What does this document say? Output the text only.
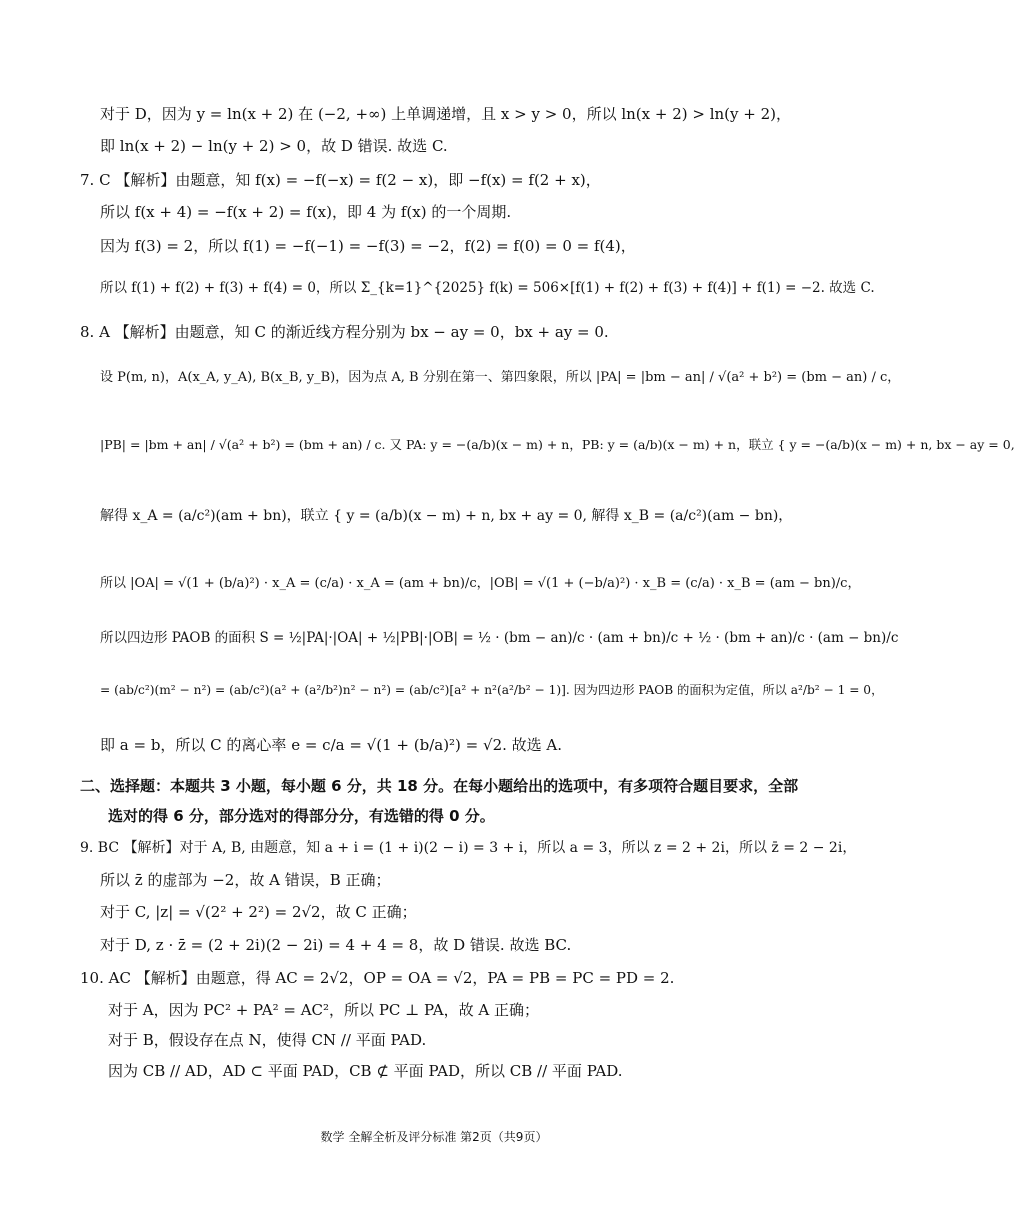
对于 D，因为 y = ln(x + 2) 在 (−2, +∞) 上单调递增，且 x > y > 0，所以 ln(x + 2) > ln(y + 2)，
即 ln(x + 2) − ln(y + 2) > 0，故 D 错误. 故选 C.
7. C 【解析】由题意，知 f(x) = −f(−x) = f(2 − x)，即 −f(x) = f(2 + x)，
所以 f(x + 4) = −f(x + 2) = f(x)，即 4 为 f(x) 的一个周期.
因为 f(3) = 2，所以 f(1) = −f(−1) = −f(3) = −2，f(2) = f(0) = 0 = f(4)，
所以 f(1) + f(2) + f(3) + f(4) = 0，所以 Σ_{k=1}^{2025} f(k) = 506×[f(1) + f(2) + f(3) + f(4)] + f(1) = −2. 故选 C.
8. A 【解析】由题意，知 C 的渐近线方程分别为 bx − ay = 0，bx + ay = 0.
设 P(m, n)，A(x_A, y_A), B(x_B, y_B)，因为点 A, B 分别在第一、第四象限，所以 |PA| = |bm − an| / √(a² + b²) = (bm − an) / c，
|PB| = |bm + an| / √(a² + b²) = (bm + an) / c. 又 PA: y = −(a/b)(x − m) + n，PB: y = (a/b)(x − m) + n，联立 { y = −(a/b)(x − m) + n, bx − ay = 0,
解得 x_A = (a/c²)(am + bn)，联立 { y = (a/b)(x − m) + n, bx + ay = 0, 解得 x_B = (a/c²)(am − bn)，
所以 |OA| = √(1 + (b/a)²) · x_A = (c/a) · x_A = (am + bn)/c，|OB| = √(1 + (−b/a)²) · x_B = (c/a) · x_B = (am − bn)/c，
所以四边形 PAOB 的面积 S = ½|PA|·|OA| + ½|PB|·|OB| = ½ · (bm − an)/c · (am + bn)/c + ½ · (bm + an)/c · (am − bn)/c
= (ab/c²)(m² − n²) = (ab/c²)(a² + (a²/b²)n² − n²) = (ab/c²)[a² + n²(a²/b² − 1)]. 因为四边形 PAOB 的面积为定值，所以 a²/b² − 1 = 0，
即 a = b，所以 C 的离心率 e = c/a = √(1 + (b/a)²) = √2. 故选 A.
二、选择题：本题共 3 小题，每小题 6 分，共 18 分。在每小题给出的选项中，有多项符合题目要求，全部
选对的得 6 分，部分选对的得部分分，有选错的得 0 分。
9. BC 【解析】对于 A, B, 由题意，知 a + i = (1 + i)(2 − i) = 3 + i，所以 a = 3，所以 z = 2 + 2i，所以 z̄ = 2 − 2i，
所以 z̄ 的虚部为 −2，故 A 错误，B 正确；
对于 C, |z| = √(2² + 2²) = 2√2，故 C 正确；
对于 D, z · z̄ = (2 + 2i)(2 − 2i) = 4 + 4 = 8，故 D 错误. 故选 BC.
10. AC 【解析】由题意，得 AC = 2√2，OP = OA = √2，PA = PB = PC = PD = 2.
对于 A，因为 PC² + PA² = AC²，所以 PC ⊥ PA，故 A 正确；
对于 B，假设存在点 N，使得 CN // 平面 PAD.
因为 CB // AD，AD ⊂ 平面 PAD，CB ⊄ 平面 PAD，所以 CB // 平面 PAD.
数学 全解全析及评分标准 第2页（共9页）
